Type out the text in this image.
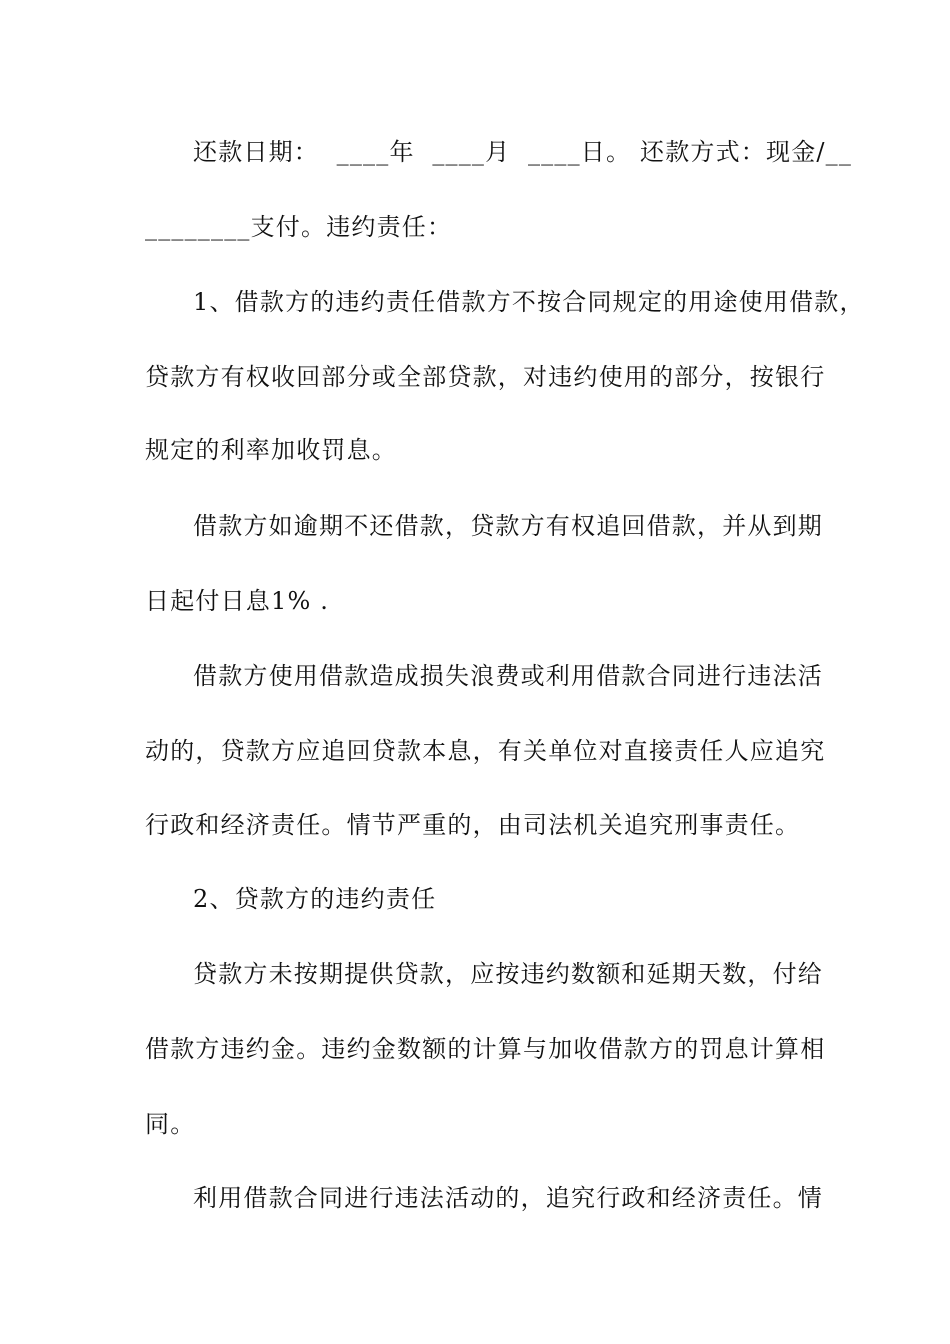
还款日期：  ____年  ____月  ____日。 还款方式：现金/__
________支付。违约责任：
1、借款方的违约责任借款方不按合同规定的用途使用借款，
贷款方有权收回部分或全部贷款，对违约使用的部分，按银行
规定的利率加收罚息。
借款方如逾期不还借款，贷款方有权追回借款，并从到期
日起付日息1% .
借款方使用借款造成损失浪费或利用借款合同进行违法活
动的，贷款方应追回贷款本息，有关单位对直接责任人应追究
行政和经济责任。情节严重的，由司法机关追究刑事责任。
2、贷款方的违约责任
贷款方未按期提供贷款，应按违约数额和延期天数，付给
借款方违约金。违约金数额的计算与加收借款方的罚息计算相
同。
利用借款合同进行违法活动的，追究行政和经济责任。情
